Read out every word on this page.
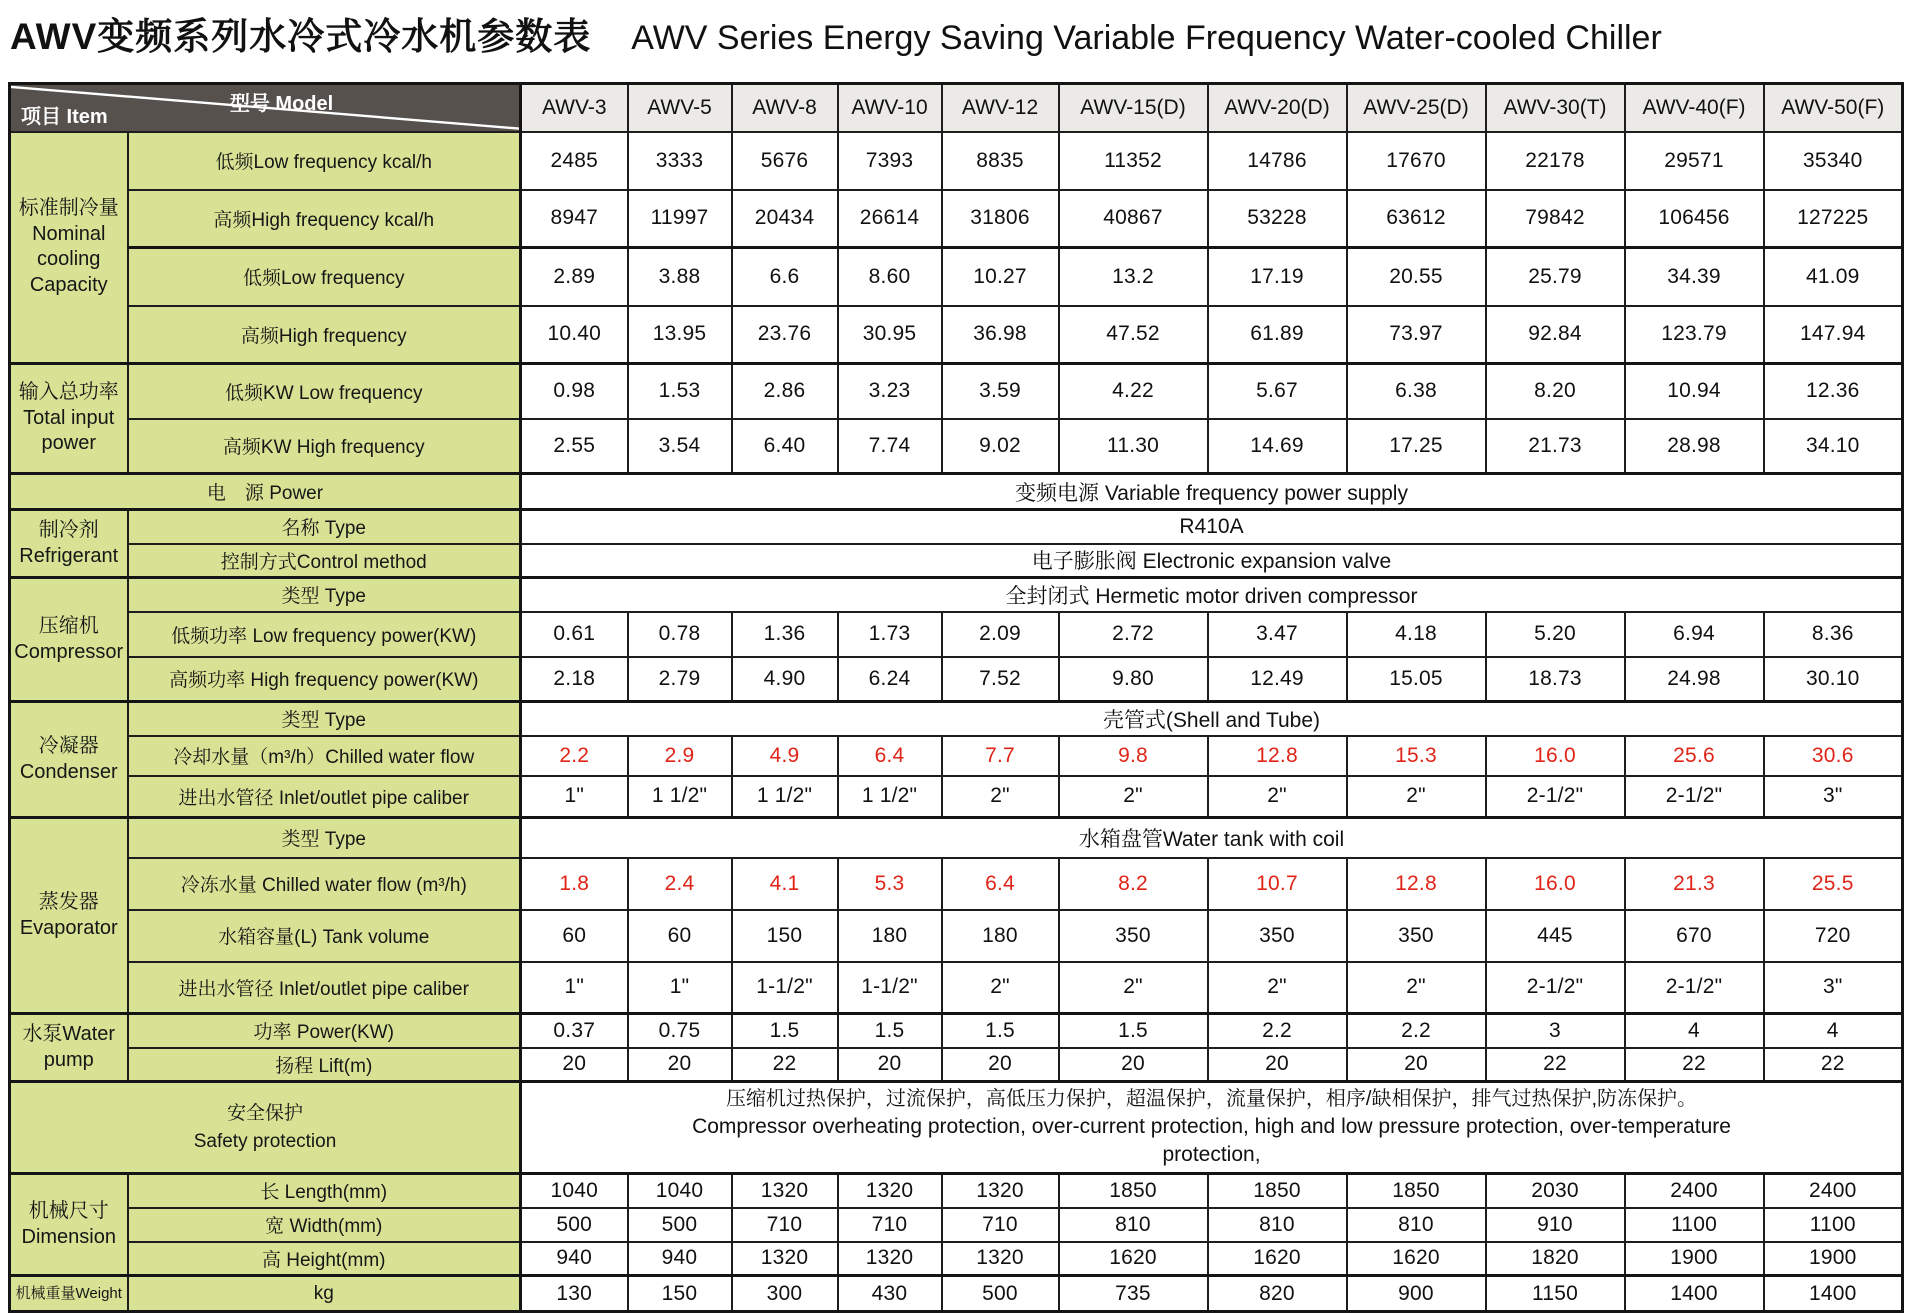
AWV变频系列水冷式冷水机参数表 AWV Series Energy Saving Variable Frequency Water-cooled Chiller
型号 Model
项目 Item		AWV-3	AWV-5	AWV-8	AWV-10	AWV-12	AWV-15(D)	AWV-20(D)	AWV-25(D)	AWV-30(T)	AWV-40(F)	AWV-50(F)
标准制冷量 Nominal cooling Capacity	低频Low frequency kcal/h	2485	3333	5676	7393	8835	11352	14786	17670	22178	29571	35340
	高频High frequency kcal/h	8947	11997	20434	26614	31806	40867	53228	63612	79842	106456	127225
	低频Low frequency	2.89	3.88	6.6	8.60	10.27	13.2	17.19	20.55	25.79	34.39	41.09
	高频High frequency	10.40	13.95	23.76	30.95	36.98	47.52	61.89	73.97	92.84	123.79	147.94
输入总功率 Total input power	低频KW Low frequency	0.98	1.53	2.86	3.23	3.59	4.22	5.67	6.38	8.20	10.94	12.36
	高频KW High frequency	2.55	3.54	6.40	7.74	9.02	11.30	14.69	17.25	21.73	28.98	34.10
电　源 Power		变频电源 Variable frequency power supply										
制冷剂 Refrigerant	名称 Type	R410A										
	控制方式Control method	电子膨胀阀 Electronic expansion valve										
压缩机 Compressor	类型 Type	全封闭式 Hermetic motor driven compressor										
	低频功率 Low frequency power(KW)	0.61	0.78	1.36	1.73	2.09	2.72	3.47	4.18	5.20	6.94	8.36
	高频功率 High frequency power(KW)	2.18	2.79	4.90	6.24	7.52	9.80	12.49	15.05	18.73	24.98	30.10
冷凝器 Condenser	类型 Type	壳管式(Shell and Tube)										
	冷却水量（m³/h）Chilled water flow	2.2	2.9	4.9	6.4	7.7	9.8	12.8	15.3	16.0	25.6	30.6
	进出水管径 Inlet/outlet pipe caliber	1"	1 1/2"	1 1/2"	1 1/2"	2"	2"	2"	2"	2-1/2"	2-1/2"	3"
蒸发器 Evaporator	类型 Type	水箱盘管Water tank with coil										
	冷冻水量 Chilled water flow (m³/h)	1.8	2.4	4.1	5.3	6.4	8.2	10.7	12.8	16.0	21.3	25.5
	水箱容量(L) Tank volume	60	60	150	180	180	350	350	350	445	670	720
	进出水管径 Inlet/outlet pipe caliber	1"	1"	1-1/2"	1-1/2"	2"	2"	2"	2"	2-1/2"	2-1/2"	3"
水泵Water pump	功率 Power(KW)	0.37	0.75	1.5	1.5	1.5	1.5	2.2	2.2	3	4	4
	扬程 Lift(m)	20	20	22	20	20	20	20	20	22	22	22

安全保护
Safety protection		压缩机过热保护，过流保护，高低压力保护，超温保护，流量保护，相序/缺相保护，排气过热保护,防冻保护。
Compressor overheating protection, over-current protection, high and low pressure protection, over-temperature
protection,										

机械尺寸 Dimension	长 Length(mm)	1040	1040	1320	1320	1320	1850	1850	1850	2030	2400	2400
	宽 Width(mm)	500	500	710	710	710	810	810	810	910	1100	1100
	高 Height(mm)	940	940	1320	1320	1320	1620	1620	1620	1820	1900	1900
机械重量Weight	kg	130	150	300	430	500	735	820	900	1150	1400	1400
